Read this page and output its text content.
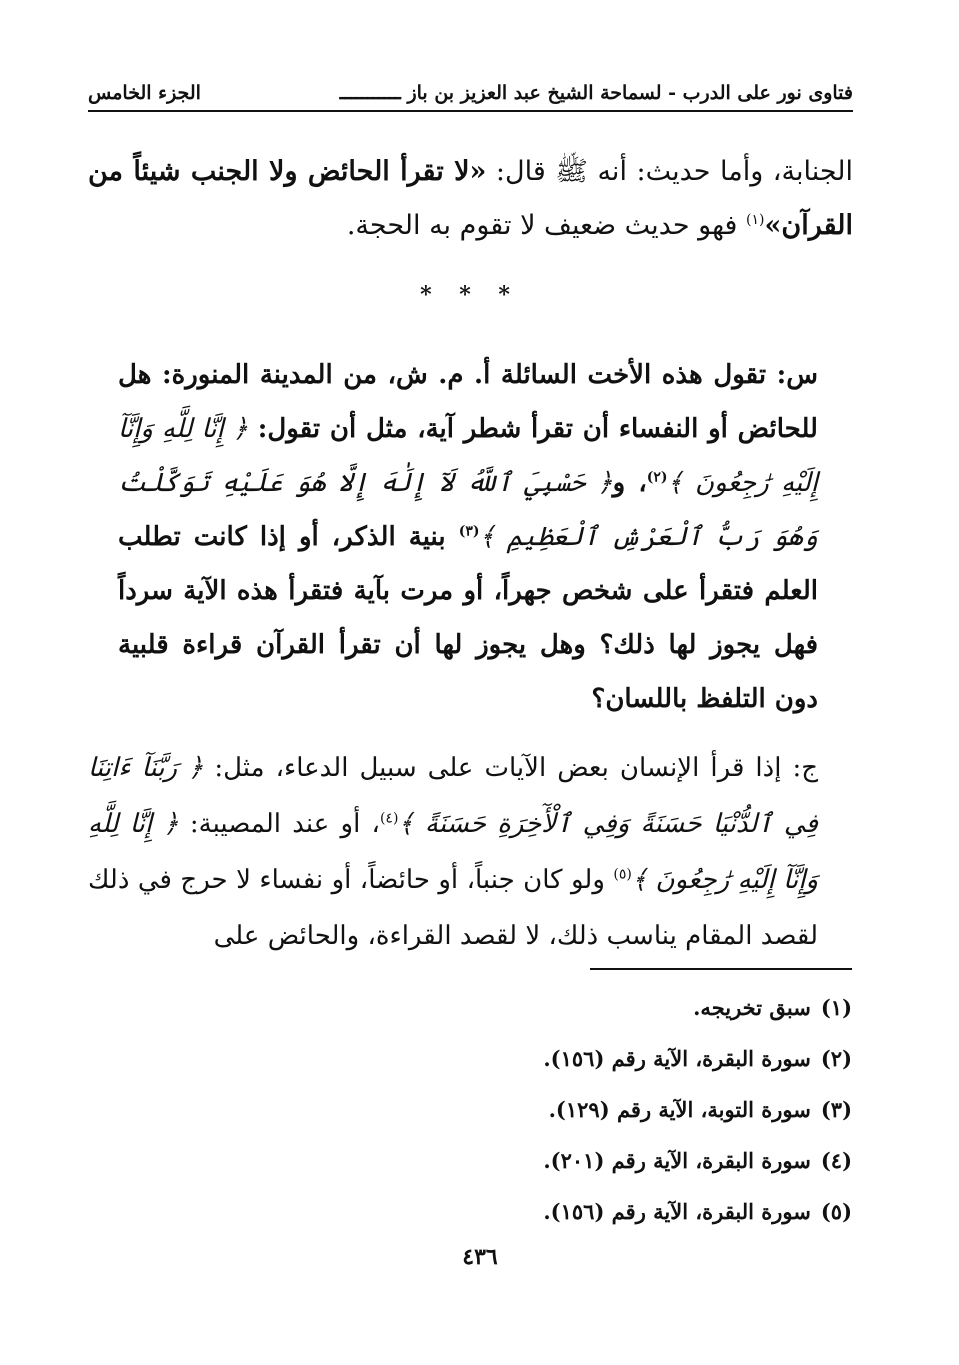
فتاوى نور على الدرب - لسماحة الشيخ عبد العزيز بن باز ـــــــــــ
الجزء الخامس
الجنابة، وأما حديث: أنه ﷺ قال: «لا تقرأ الحائض ولا الجنب شيئاً من القرآن»$^{(١)}$ فهو حديث ضعيف لا تقوم به الحجة.
* * *
س: تقول هذه الأخت السائلة أ. م. ش، من المدينة المنورة: هل للحائض أو النفساء أن تقرأ شطر آية، مثل أن تقول: ﴿ إِنَّا لِلَّهِ وَإِنَّآ إِلَيْهِ رَٰجِعُونَ ﴾$^{(٢)}$، و﴿ حَسْبِيَ ٱللَّهُ لَآ إِلَٰهَ إِلَّا هُوَ عَلَيْهِ تَوَكَّلْتُ وَهُوَ رَبُّ ٱلْعَرْشِ ٱلْعَظِيمِ ﴾$^{(٣)}$ بنية الذكر، أو إذا كانت تطلب العلم فتقرأ على شخص جهراً، أو مرت بآية فتقرأ هذه الآية سرداً فهل يجوز لها ذلك؟ وهل يجوز لها أن تقرأ القرآن قراءة قلبية دون التلفظ باللسان؟
ج: إذا قرأ الإنسان بعض الآيات على سبيل الدعاء، مثل: ﴿ رَبَّنَآ ءَاتِنَا فِي ٱلدُّنْيَا حَسَنَةً وَفِي ٱلْأٓخِرَةِ حَسَنَةً ﴾$^{(٤)}$، أو عند المصيبة: ﴿ إِنَّا لِلَّهِ وَإِنَّآ إِلَيْهِ رَٰجِعُونَ ﴾$^{(٥)}$ ولو كان جنباً، أو حائضاً، أو نفساء لا حرج في ذلك لقصد المقام يناسب ذلك، لا لقصد القراءة، والحائض على
(١)سبق تخريجه.
(٢)سورة البقرة، الآية رقم (١٥٦).
(٣)سورة التوبة، الآية رقم (١٢٩).
(٤)سورة البقرة، الآية رقم (٢٠١).
(٥)سورة البقرة، الآية رقم (١٥٦).
٤٣٦
